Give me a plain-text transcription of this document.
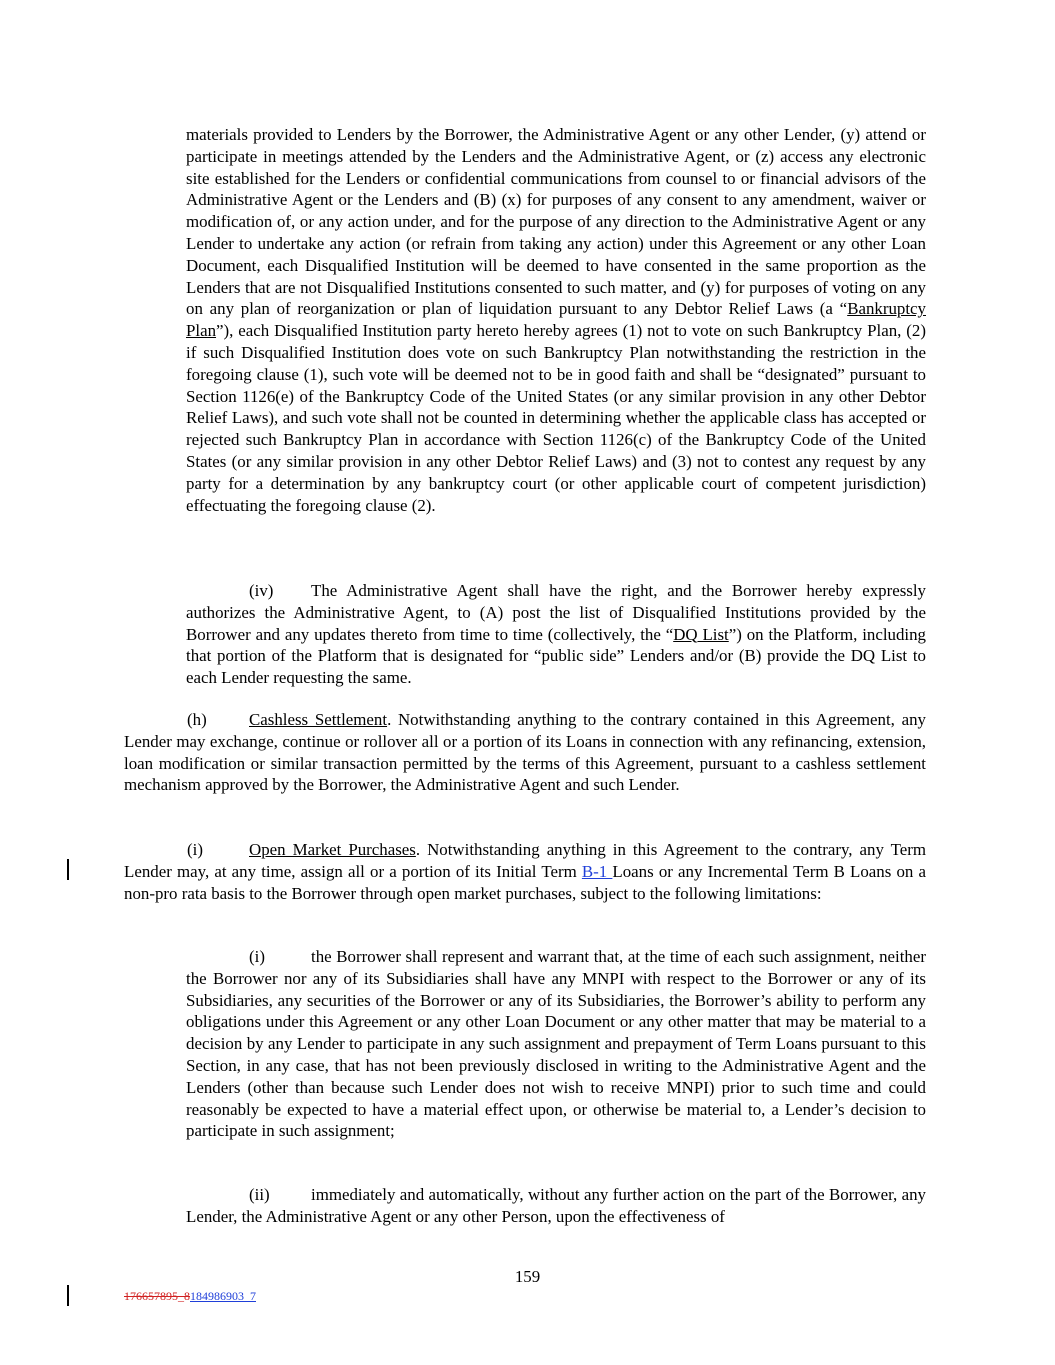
materials provided to Lenders by the Borrower, the Administrative Agent or any other Lender, (y) attend or participate in meetings attended by the Lenders and the Administrative Agent, or (z) access any electronic site established for the Lenders or confidential communications from counsel to or financial advisors of the Administrative Agent or the Lenders and (B) (x) for purposes of any consent to any amendment, waiver or modification of, or any action under, and for the purpose of any direction to the Administrative Agent or any Lender to undertake any action (or refrain from taking any action) under this Agreement or any other Loan Document, each Disqualified Institution will be deemed to have consented in the same proportion as the Lenders that are not Disqualified Institutions consented to such matter, and (y) for purposes of voting on any on any plan of reorganization or plan of liquidation pursuant to any Debtor Relief Laws (a “Bankruptcy Plan”), each Disqualified Institution party hereto hereby agrees (1) not to vote on such Bankruptcy Plan, (2) if such Disqualified Institution does vote on such Bankruptcy Plan notwithstanding the restriction in the foregoing clause (1), such vote will be deemed not to be in good faith and shall be “designated” pursuant to Section 1126(e) of the Bankruptcy Code of the United States (or any similar provision in any other Debtor Relief Laws), and such vote shall not be counted in determining whether the applicable class has accepted or rejected such Bankruptcy Plan in accordance with Section 1126(c) of the Bankruptcy Code of the United States (or any similar provision in any other Debtor Relief Laws) and (3) not to contest any request by any party for a determination by any bankruptcy court (or other applicable court of competent jurisdiction) effectuating the foregoing clause (2).

(iv) The Administrative Agent shall have the right, and the Borrower hereby expressly authorizes the Administrative Agent, to (A) post the list of Disqualified Institutions provided by the Borrower and any updates thereto from time to time (collectively, the “DQ List”) on the Platform, including that portion of the Platform that is designated for “public side” Lenders and/or (B) provide the DQ List to each Lender requesting the same.

(h)	Cashless Settlement. Notwithstanding anything to the contrary contained in this Agreement, any Lender may exchange, continue or rollover all or a portion of its Loans in connection with any refinancing, extension, loan modification or similar transaction permitted by the terms of this Agreement, pursuant to a cashless settlement mechanism approved by the Borrower, the Administrative Agent and such Lender.

(i)	Open Market Purchases. Notwithstanding anything in this Agreement to the contrary, any Term Lender may, at any time, assign all or a portion of its Initial Term B-1 Loans or any Incremental Term B Loans on a non-pro rata basis to the Borrower through open market purchases, subject to the following limitations:

(i)	the Borrower shall represent and warrant that, at the time of each such assignment, neither the Borrower nor any of its Subsidiaries shall have any MNPI with respect to the Borrower or any of its Subsidiaries, any securities of the Borrower or any of its Subsidiaries, the Borrower’s ability to perform any obligations under this Agreement or any other Loan Document or any other matter that may be material to a decision by any Lender to participate in any such assignment and prepayment of Term Loans pursuant to this Section, in any case, that has not been previously disclosed in writing to the Administrative Agent and the Lenders (other than because such Lender does not wish to receive MNPI) prior to such time and could reasonably be expected to have a material effect upon, or otherwise be material to, a Lender’s decision to participate in such assignment;

(ii) immediately and automatically, without any further action on the part of the Borrower, any Lender, the Administrative Agent or any other Person, upon the effectiveness of

159
176657895_8184986903_7
